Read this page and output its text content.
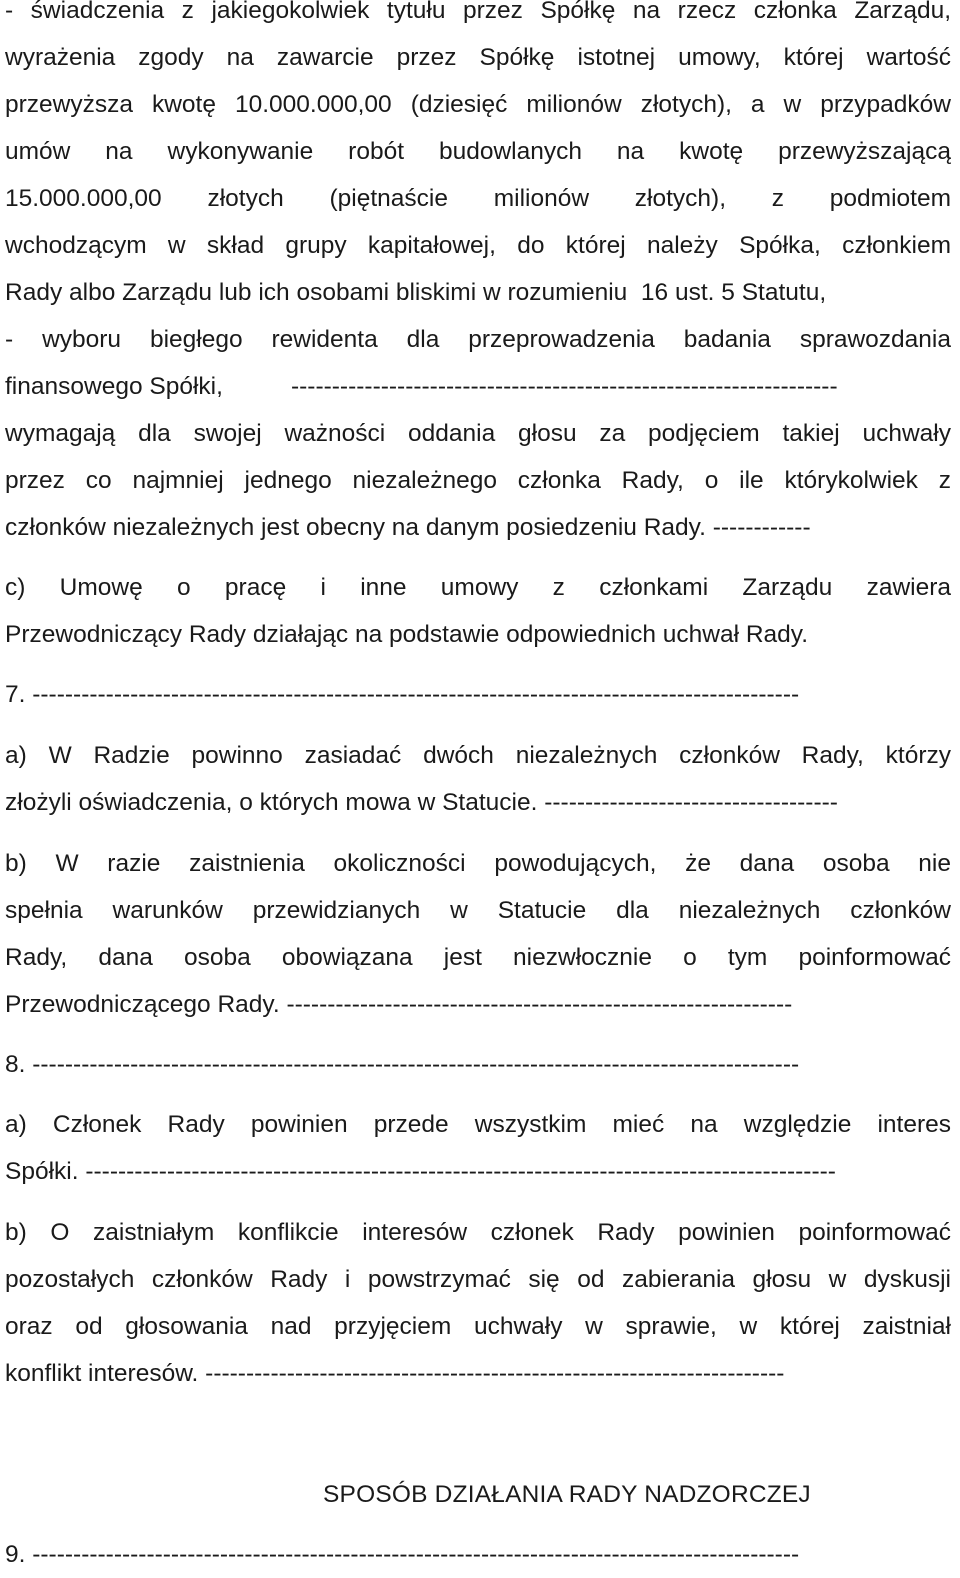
- świadczenia z jakiegokolwiek tytułu przez Spółkę na rzecz członka Zarządu,
wyrażenia zgody na zawarcie przez Spółkę istotnej umowy, której wartość
przewyższa kwotę 10.000.000,00 (dziesięć milionów złotych), a w przypadków
umów na wykonywanie robót budowlanych na kwotę przewyższającą
15.000.000,00 złotych (piętnaście milionów złotych), z podmiotem
wchodzącym w skład grupy kapitałowej, do której należy Spółka, członkiem
Rady albo Zarządu lub ich osobami bliskimi w rozumieniu  16 ust. 5 Statutu,
- wyboru biegłego rewidenta dla przeprowadzenia badania sprawozdania
finansowego Spółki,          -------------------------------------------------------------------
wymagają dla swojej ważności oddania głosu za podjęciem takiej uchwały
przez co najmniej jednego niezależnego członka Rady, o ile którykolwiek z
członków niezależnych jest obecny na danym posiedzeniu Rady. ------------
c) Umowę o pracę i inne umowy z członkami Zarządu zawiera
Przewodniczący Rady działając na podstawie odpowiednich uchwał Rady.
7. ----------------------------------------------------------------------------------------------
a) W Radzie powinno zasiadać dwóch niezależnych członków Rady, którzy
złożyli oświadczenia, o których mowa w Statucie. ------------------------------------
b) W razie zaistnienia okoliczności powodujących, że dana osoba nie
spełnia warunków przewidzianych w Statucie dla niezależnych członków
Rady, dana osoba obowiązana jest niezwłocznie o tym poinformować
Przewodniczącego Rady. --------------------------------------------------------------
8. ----------------------------------------------------------------------------------------------
a) Członek Rady powinien przede wszystkim mieć na względzie interes
Spółki. --------------------------------------------------------------------------------------------
b) O zaistniałym konflikcie interesów członek Rady powinien poinformować
pozostałych członków Rady i powstrzymać się od zabierania głosu w dyskusji
oraz od głosowania nad przyjęciem uchwały w sprawie, w której zaistniał
konflikt interesów. -----------------------------------------------------------------------
SPOSÓB DZIAŁANIA RADY NADZORCZEJ
9. ----------------------------------------------------------------------------------------------
